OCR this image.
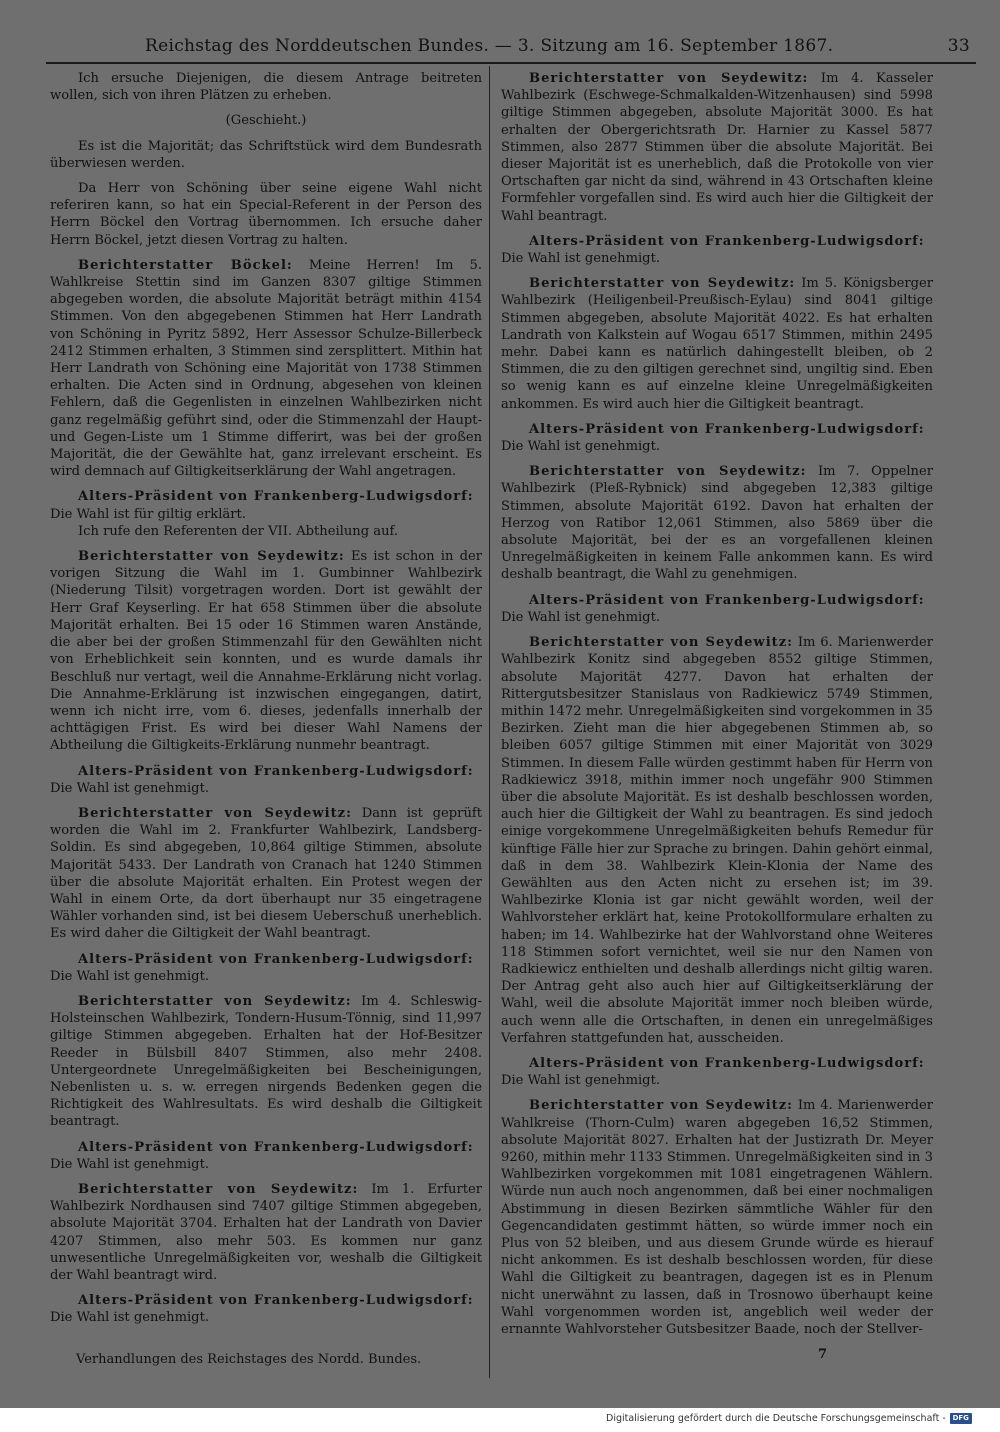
Reichstag des Norddeutschen Bundes. — 3. Sitzung am 16. September 1867.	33

Ich ersuche Diejenigen, die diesem Antrage beitreten wollen, sich von ihren Plätzen zu erheben.

(Geschieht.)

Es ist die Majorität; das Schriftstück wird dem Bundesrath überwiesen werden.

Da Herr von Schöning über seine eigene Wahl nicht referiren kann, so hat ein Special-Referent in der Person des Herrn Böckel den Vortrag übernommen. Ich ersuche daher Herrn Böckel, jetzt diesen Vortrag zu halten.

Berichterstatter Böckel: Meine Herren! Im 5. Wahlkreise Stettin sind im Ganzen 8307 giltige Stimmen abgegeben worden, die absolute Majorität beträgt mithin 4154 Stimmen. Von den abgegebenen Stimmen hat Herr Landrath von Schöning in Pyritz 5892, Herr Assessor Schulze-Billerbeck 2412 Stimmen erhalten, 3 Stimmen sind zersplittert. Mithin hat Herr Landrath von Schöning eine Majorität von 1738 Stimmen erhalten. Die Acten sind in Ordnung, abgesehen von kleinen Fehlern, daß die Gegenlisten in einzelnen Wahlbezirken nicht ganz regelmäßig geführt sind, oder die Stimmenzahl der Haupt- und Gegen-Liste um 1 Stimme differirt, was bei der großen Majorität, die der Gewählte hat, ganz irrelevant erscheint. Es wird demnach auf Giltigkeitserklärung der Wahl angetragen.

Alters-Präsident von Frankenberg-Ludwigsdorf:

Die Wahl ist für giltig erklärt.

Ich rufe den Referenten der VII. Abtheilung auf.

Berichterstatter von Seydewitz: Es ist schon in der vorigen Sitzung die Wahl im 1. Gumbinner Wahlbezirk (Niederung Tilsit) vorgetragen worden. Dort ist gewählt der Herr Graf Keyserling. Er hat 658 Stimmen über die absolute Majorität erhalten. Bei 15 oder 16 Stimmen waren Anstände, die aber bei der großen Stimmenzahl für den Gewählten nicht von Erheblichkeit sein konnten, und es wurde damals ihr Beschluß nur vertagt, weil die Annahme-Erklärung nicht vorlag. Die Annahme-Erklärung ist inzwischen eingegangen, datirt, wenn ich nicht irre, vom 6. dieses, jedenfalls innerhalb der achttägigen Frist. Es wird bei dieser Wahl Namens der Abtheilung die Giltigkeits-Erklärung nunmehr beantragt.

Alters-Präsident von Frankenberg-Ludwigsdorf:

Die Wahl ist genehmigt.

Berichterstatter von Seydewitz: Dann ist geprüft worden die Wahl im 2. Frankfurter Wahlbezirk, Landsberg-Soldin. Es sind abgegeben, 10,864 giltige Stimmen, absolute Majorität 5433. Der Landrath von Cranach hat 1240 Stimmen über die absolute Majorität erhalten. Ein Protest wegen der Wahl in einem Orte, da dort überhaupt nur 35 eingetragene Wähler vorhanden sind, ist bei diesem Ueberschuß unerheblich. Es wird daher die Giltigkeit der Wahl beantragt.

Alters-Präsident von Frankenberg-Ludwigsdorf:

Die Wahl ist genehmigt.

Berichterstatter von Seydewitz: Im 4. Schleswig-Holsteinschen Wahlbezirk, Tondern-Husum-Tönnig, sind 11,997 giltige Stimmen abgegeben. Erhalten hat der Hof-Besitzer Reeder in Bülsbill 8407 Stimmen, also mehr 2408. Untergeordnete Unregelmäßigkeiten bei Bescheinigungen, Nebenlisten u. s. w. erregen nirgends Bedenken gegen die Richtigkeit des Wahlresultats. Es wird deshalb die Giltigkeit beantragt.

Alters-Präsident von Frankenberg-Ludwigsdorf:

Die Wahl ist genehmigt.

Berichterstatter von Seydewitz: Im 1. Erfurter Wahlbezirk Nordhausen sind 7407 giltige Stimmen abgegeben, absolute Majorität 3704. Erhalten hat der Landrath von Davier 4207 Stimmen, also mehr 503. Es kommen nur ganz unwesentliche Unregelmäßigkeiten vor, weshalb die Giltigkeit der Wahl beantragt wird.

Alters-Präsident von Frankenberg-Ludwigsdorf:

Die Wahl ist genehmigt.

Berichterstatter von Seydewitz: Im 4. Kasseler Wahlbezirk (Eschwege-Schmalkalden-Witzenhausen) sind 5998 giltige Stimmen abgegeben, absolute Majorität 3000. Es hat erhalten der Obergerichtsrath Dr. Harnier zu Kassel 5877 Stimmen, also 2877 Stimmen über die absolute Majorität. Bei dieser Majorität ist es unerheblich, daß die Protokolle von vier Ortschaften gar nicht da sind, während in 43 Ortschaften kleine Formfehler vorgefallen sind. Es wird auch hier die Giltigkeit der Wahl beantragt.

Alters-Präsident von Frankenberg-Ludwigsdorf:

Die Wahl ist genehmigt.

Berichterstatter von Seydewitz: Im 5. Königsberger Wahlbezirk (Heiligenbeil-Preußisch-Eylau) sind 8041 giltige Stimmen abgegeben, absolute Majorität 4022. Es hat erhalten Landrath von Kalkstein auf Wogau 6517 Stimmen, mithin 2495 mehr. Dabei kann es natürlich dahingestellt bleiben, ob 2 Stimmen, die zu den giltigen gerechnet sind, ungiltig sind. Eben so wenig kann es auf einzelne kleine Unregelmäßigkeiten ankommen. Es wird auch hier die Giltigkeit beantragt.

Alters-Präsident von Frankenberg-Ludwigsdorf:

Die Wahl ist genehmigt.

Berichterstatter von Seydewitz: Im 7. Oppelner Wahlbezirk (Pleß-Rybnick) sind abgegeben 12,383 giltige Stimmen, absolute Majorität 6192. Davon hat erhalten der Herzog von Ratibor 12,061 Stimmen, also 5869 über die absolute Majorität, bei der es an vorgefallenen kleinen Unregelmäßigkeiten in keinem Falle ankommen kann. Es wird deshalb beantragt, die Wahl zu genehmigen.

Alters-Präsident von Frankenberg-Ludwigsdorf:

Die Wahl ist genehmigt.

Berichterstatter von Seydewitz: Im 6. Marienwerder Wahlbezirk Konitz sind abgegeben 8552 giltige Stimmen, absolute Majorität 4277. Davon hat erhalten der Rittergutsbesitzer Stanislaus von Radkiewicz 5749 Stimmen, mithin 1472 mehr. Unregelmäßigkeiten sind vorgekommen in 35 Bezirken. Zieht man die hier abgegebenen Stimmen ab, so bleiben 6057 giltige Stimmen mit einer Majorität von 3029 Stimmen. In diesem Falle würden gestimmt haben für Herrn von Radkiewicz 3918, mithin immer noch ungefähr 900 Stimmen über die absolute Majorität. Es ist deshalb beschlossen worden, auch hier die Giltigkeit der Wahl zu beantragen. Es sind jedoch einige vorgekommene Unregelmäßigkeiten behufs Remedur für künftige Fälle hier zur Sprache zu bringen. Dahin gehört einmal, daß in dem 38. Wahlbezirk Klein-Klonia der Name des Gewählten aus den Acten nicht zu ersehen ist; im 39. Wahlbezirke Klonia ist gar nicht gewählt worden, weil der Wahlvorsteher erklärt hat, keine Protokollformulare erhalten zu haben; im 14. Wahlbezirke hat der Wahlvorstand ohne Weiteres 118 Stimmen sofort vernichtet, weil sie nur den Namen von Radkiewicz enthielten und deshalb allerdings nicht giltig waren. Der Antrag geht also auch hier auf Giltigkeitserklärung der Wahl, weil die absolute Majorität immer noch bleiben würde, auch wenn alle die Ortschaften, in denen ein unregelmäßiges Verfahren stattgefunden hat, ausscheiden.

Alters-Präsident von Frankenberg-Ludwigsdorf:

Die Wahl ist genehmigt.

Berichterstatter von Seydewitz: Im 4. Marienwerder Wahlkreise (Thorn-Culm) waren abgegeben 16,52 Stimmen, absolute Majorität 8027. Erhalten hat der Justizrath Dr. Meyer 9260, mithin mehr 1133 Stimmen. Unregelmäßigkeiten sind in 3 Wahlbezirken vorgekommen mit 1081 eingetragenen Wählern. Würde nun auch noch angenommen, daß bei einer nochmaligen Abstimmung in diesen Bezirken sämmtliche Wähler für den Gegencandidaten gestimmt hätten, so würde immer noch ein Plus von 52 bleiben, und aus diesem Grunde würde es hierauf nicht ankommen. Es ist deshalb beschlossen worden, für diese Wahl die Giltigkeit zu beantragen, dagegen ist es in Plenum nicht unerwähnt zu lassen, daß in Trosnowo überhaupt keine Wahl vorgenommen worden ist, angeblich weil weder der ernannte Wahlvorsteher Gutsbesitzer Baade, noch der Stellver-

Verhandlungen des Reichstages des Nordd. Bundes.	7
Digitalisierung gefördert durch die Deutsche Forschungsgemeinschaft - DFG
